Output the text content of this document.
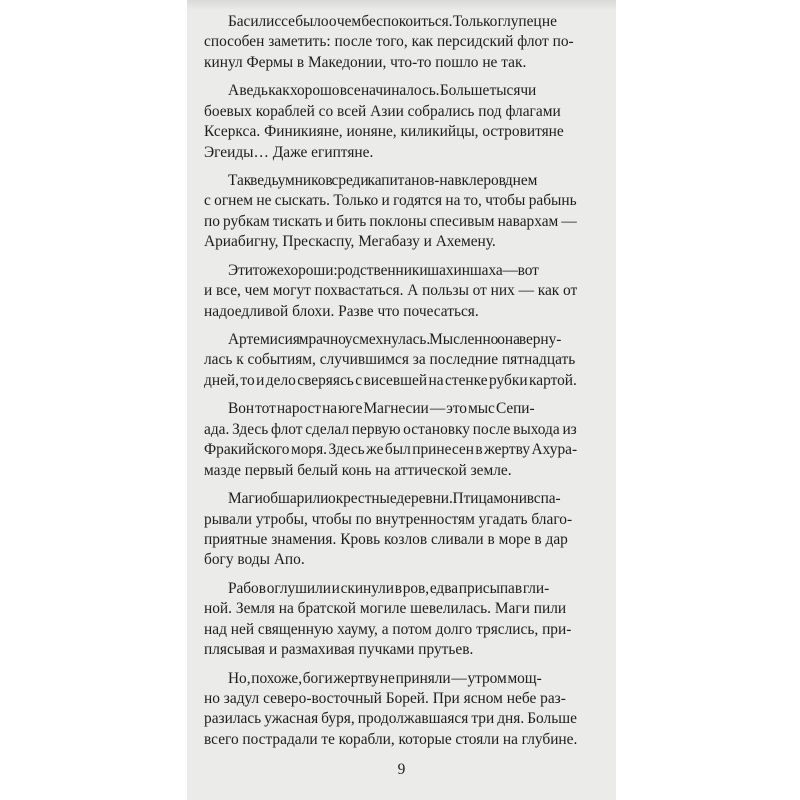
Басилиссе было о чем беспокоиться. Только глупец не
способен заметить: после того, как персидский флот по-
кинул Фермы в Македонии, что-то пошло не так.

А ведь как хорошо все начиналось. Больше тысячи
боевых кораблей со всей Азии собрались под флагами
Ксеркса. Финикияне, ионяне, киликийцы, островитяне
Эгеиды… Даже египтяне.

Так ведь умников среди капитанов-навклеров днем
с огнем не сыскать. Только и годятся на то, чтобы рабынь
по рубкам тискать и бить поклоны спесивым навархам —
Ариабигну, Прескаспу, Мегабазу и Ахемену.

Эти тоже хороши: родственники шахиншаха — вот
и все, чем могут похвастаться. А пользы от них — как от
надоедливой блохи. Разве что почесаться.

Артемисия мрачно усмехнулась. Мысленно она верну-
лась к событиям, случившимся за последние пятнадцать
дней, то и дело сверяясь с висевшей на стенке рубки картой.

Вон тот нарост на юге Магнесии — это мыс Сепи-
ада. Здесь флот сделал первую остановку после выхода из
Фракийского моря. Здесь же был принесен в жертву Ахура-
мазде первый белый конь на аттической земле.

Маги обшарили окрестные деревни. Птицам они вспа-
рывали утробы, чтобы по внутренностям угадать благо-
приятные знамения. Кровь козлов сливали в море в дар
богу воды Апо.

Рабов оглушили и скинули в ров, едва присыпав гли-
ной. Земля на братской могиле шевелилась. Маги пили
над ней священную хауму, а потом долго тряслись, при-
плясывая и размахивая пучками прутьев.

Но, похоже, боги жертву не приняли — утром мощ-
но задул северо-восточный Борей. При ясном небе раз-
разилась ужасная буря, продолжавшаяся три дня. Больше
всего пострадали те корабли, которые стояли на глубине.

9
